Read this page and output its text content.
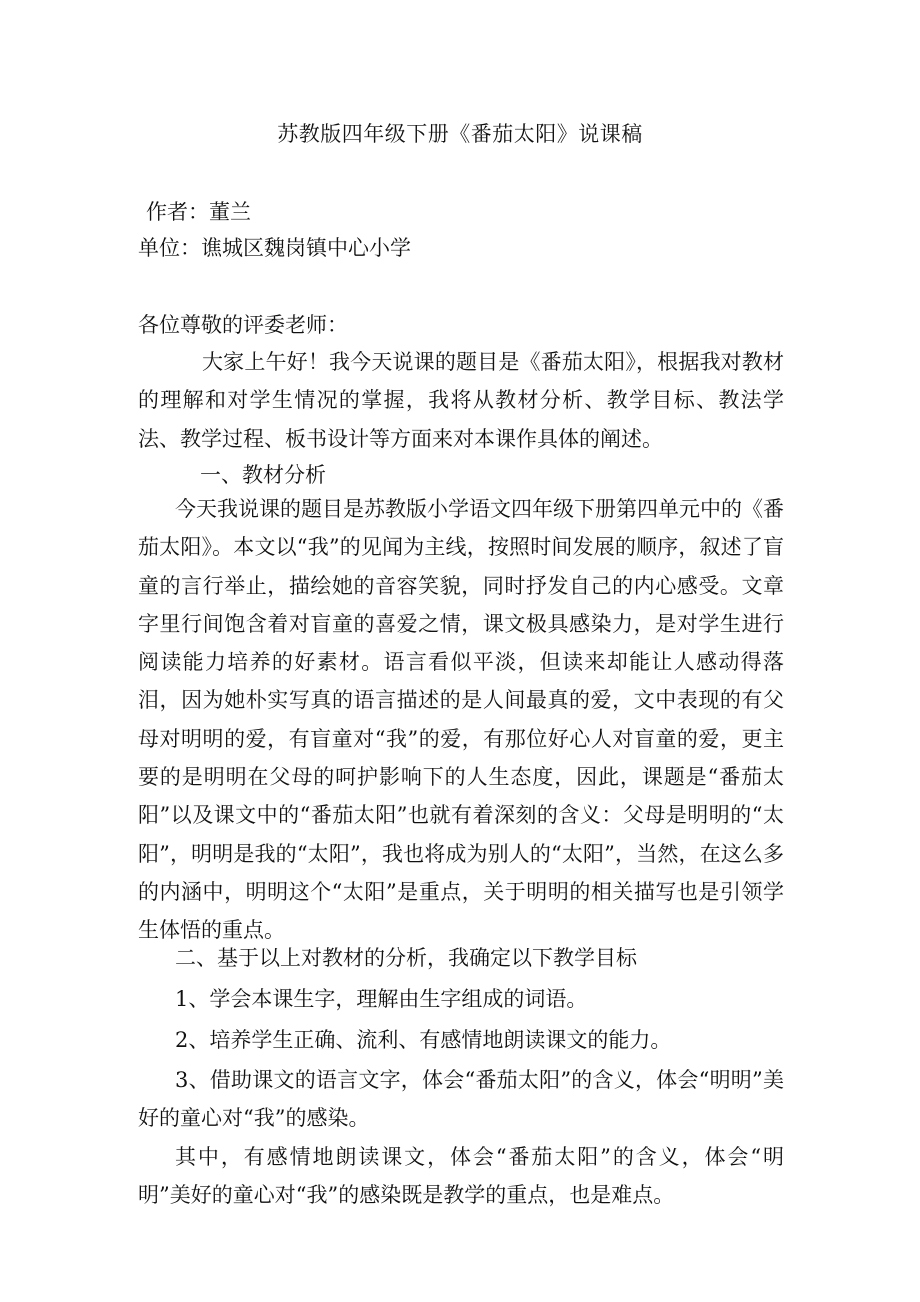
苏教版四年级下册《番茄太阳》说课稿
作者：董兰
单位：谯城区魏岗镇中心小学
各位尊敬的评委老师：
大家上午好！我今天说课的题目是《番茄太阳》，根据我对教材的理解和对学生情况的掌握，我将从教材分析、教学目标、教法学法、教学过程、板书设计等方面来对本课作具体的阐述。
一、教材分析
今天我说课的题目是苏教版小学语文四年级下册第四单元中的《番茄太阳》。本文以“我”的见闻为主线，按照时间发展的顺序，叙述了盲童的言行举止，描绘她的音容笑貌，同时抒发自己的内心感受。文章字里行间饱含着对盲童的喜爱之情，课文极具感染力，是对学生进行阅读能力培养的好素材。语言看似平淡，但读来却能让人感动得落泪，因为她朴实写真的语言描述的是人间最真的爱，文中表现的有父母对明明的爱，有盲童对“我”的爱，有那位好心人对盲童的爱，更主要的是明明在父母的呵护影响下的人生态度，因此，课题是“番茄太阳”以及课文中的“番茄太阳”也就有着深刻的含义：父母是明明的“太阳”，明明是我的“太阳”，我也将成为别人的“太阳”，当然，在这么多的内涵中，明明这个“太阳”是重点，关于明明的相关描写也是引领学生体悟的重点。
二、基于以上对教材的分析，我确定以下教学目标
1、学会本课生字，理解由生字组成的词语。
2、培养学生正确、流利、有感情地朗读课文的能力。
3、借助课文的语言文字，体会“番茄太阳”的含义，体会“明明”美好的童心对“我”的感染。
其中，有感情地朗读课文，体会“番茄太阳”的含义，体会“明明”美好的童心对“我”的感染既是教学的重点，也是难点。
